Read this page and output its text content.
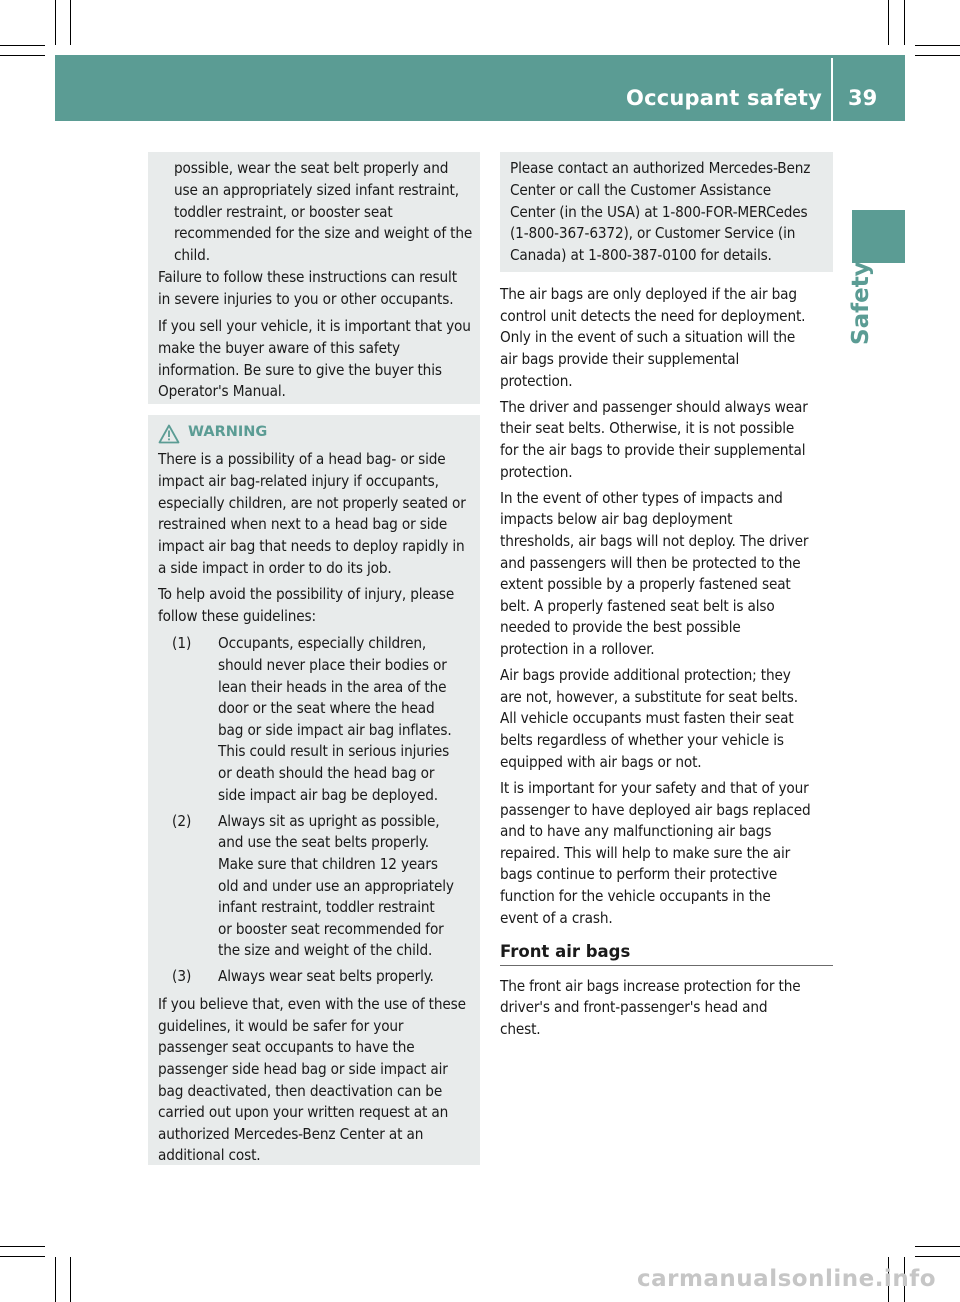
Occupant safety 39
Safety
possible, wear the seat belt properly and
use an appropriately sized infant restraint,
toddler restraint, or booster seat
recommended for the size and weight of the
child.
Failure to follow these instructions can result
in severe injuries to you or other occupants.
If you sell your vehicle, it is important that you
make the buyer aware of this safety
information. Be sure to give the buyer this
Operator's Manual.
WARNING
There is a possibility of a head bag- or side
impact air bag-related injury if occupants,
especially children, are not properly seated or
restrained when next to a head bag or side
impact air bag that needs to deploy rapidly in
a side impact in order to do its job.
To help avoid the possibility of injury, please
follow these guidelines:
(1) Occupants, especially children,
should never place their bodies or
lean their heads in the area of the
door or the seat where the head
bag or side impact air bag inflates.
This could result in serious injuries
or death should the head bag or
side impact air bag be deployed.
(2) Always sit as upright as possible,
and use the seat belts properly.
Make sure that children 12 years
old and under use an appropriately
infant restraint, toddler restraint
or booster seat recommended for
the size and weight of the child.
(3) Always wear seat belts properly.
If you believe that, even with the use of these
guidelines, it would be safer for your
passenger seat occupants to have the
passenger side head bag or side impact air
bag deactivated, then deactivation can be
carried out upon your written request at an
authorized Mercedes-Benz Center at an
additional cost.
Please contact an authorized Mercedes-Benz
Center or call the Customer Assistance
Center (in the USA) at 1-800-FOR-MERCedes
(1-800-367-6372), or Customer Service (in
Canada) at 1-800-387-0100 for details.
The air bags are only deployed if the air bag
control unit detects the need for deployment.
Only in the event of such a situation will the
air bags provide their supplemental
protection.
The driver and passenger should always wear
their seat belts. Otherwise, it is not possible
for the air bags to provide their supplemental
protection.
In the event of other types of impacts and
impacts below air bag deployment
thresholds, air bags will not deploy. The driver
and passengers will then be protected to the
extent possible by a properly fastened seat
belt. A properly fastened seat belt is also
needed to provide the best possible
protection in a rollover.
Air bags provide additional protection; they
are not, however, a substitute for seat belts.
All vehicle occupants must fasten their seat
belts regardless of whether your vehicle is
equipped with air bags or not.
It is important for your safety and that of your
passenger to have deployed air bags replaced
and to have any malfunctioning air bags
repaired. This will help to make sure the air
bags continue to perform their protective
function for the vehicle occupants in the
event of a crash.
Front air bags
The front air bags increase protection for the
driver's and front-passenger's head and
chest.
carmanualsonline.info
